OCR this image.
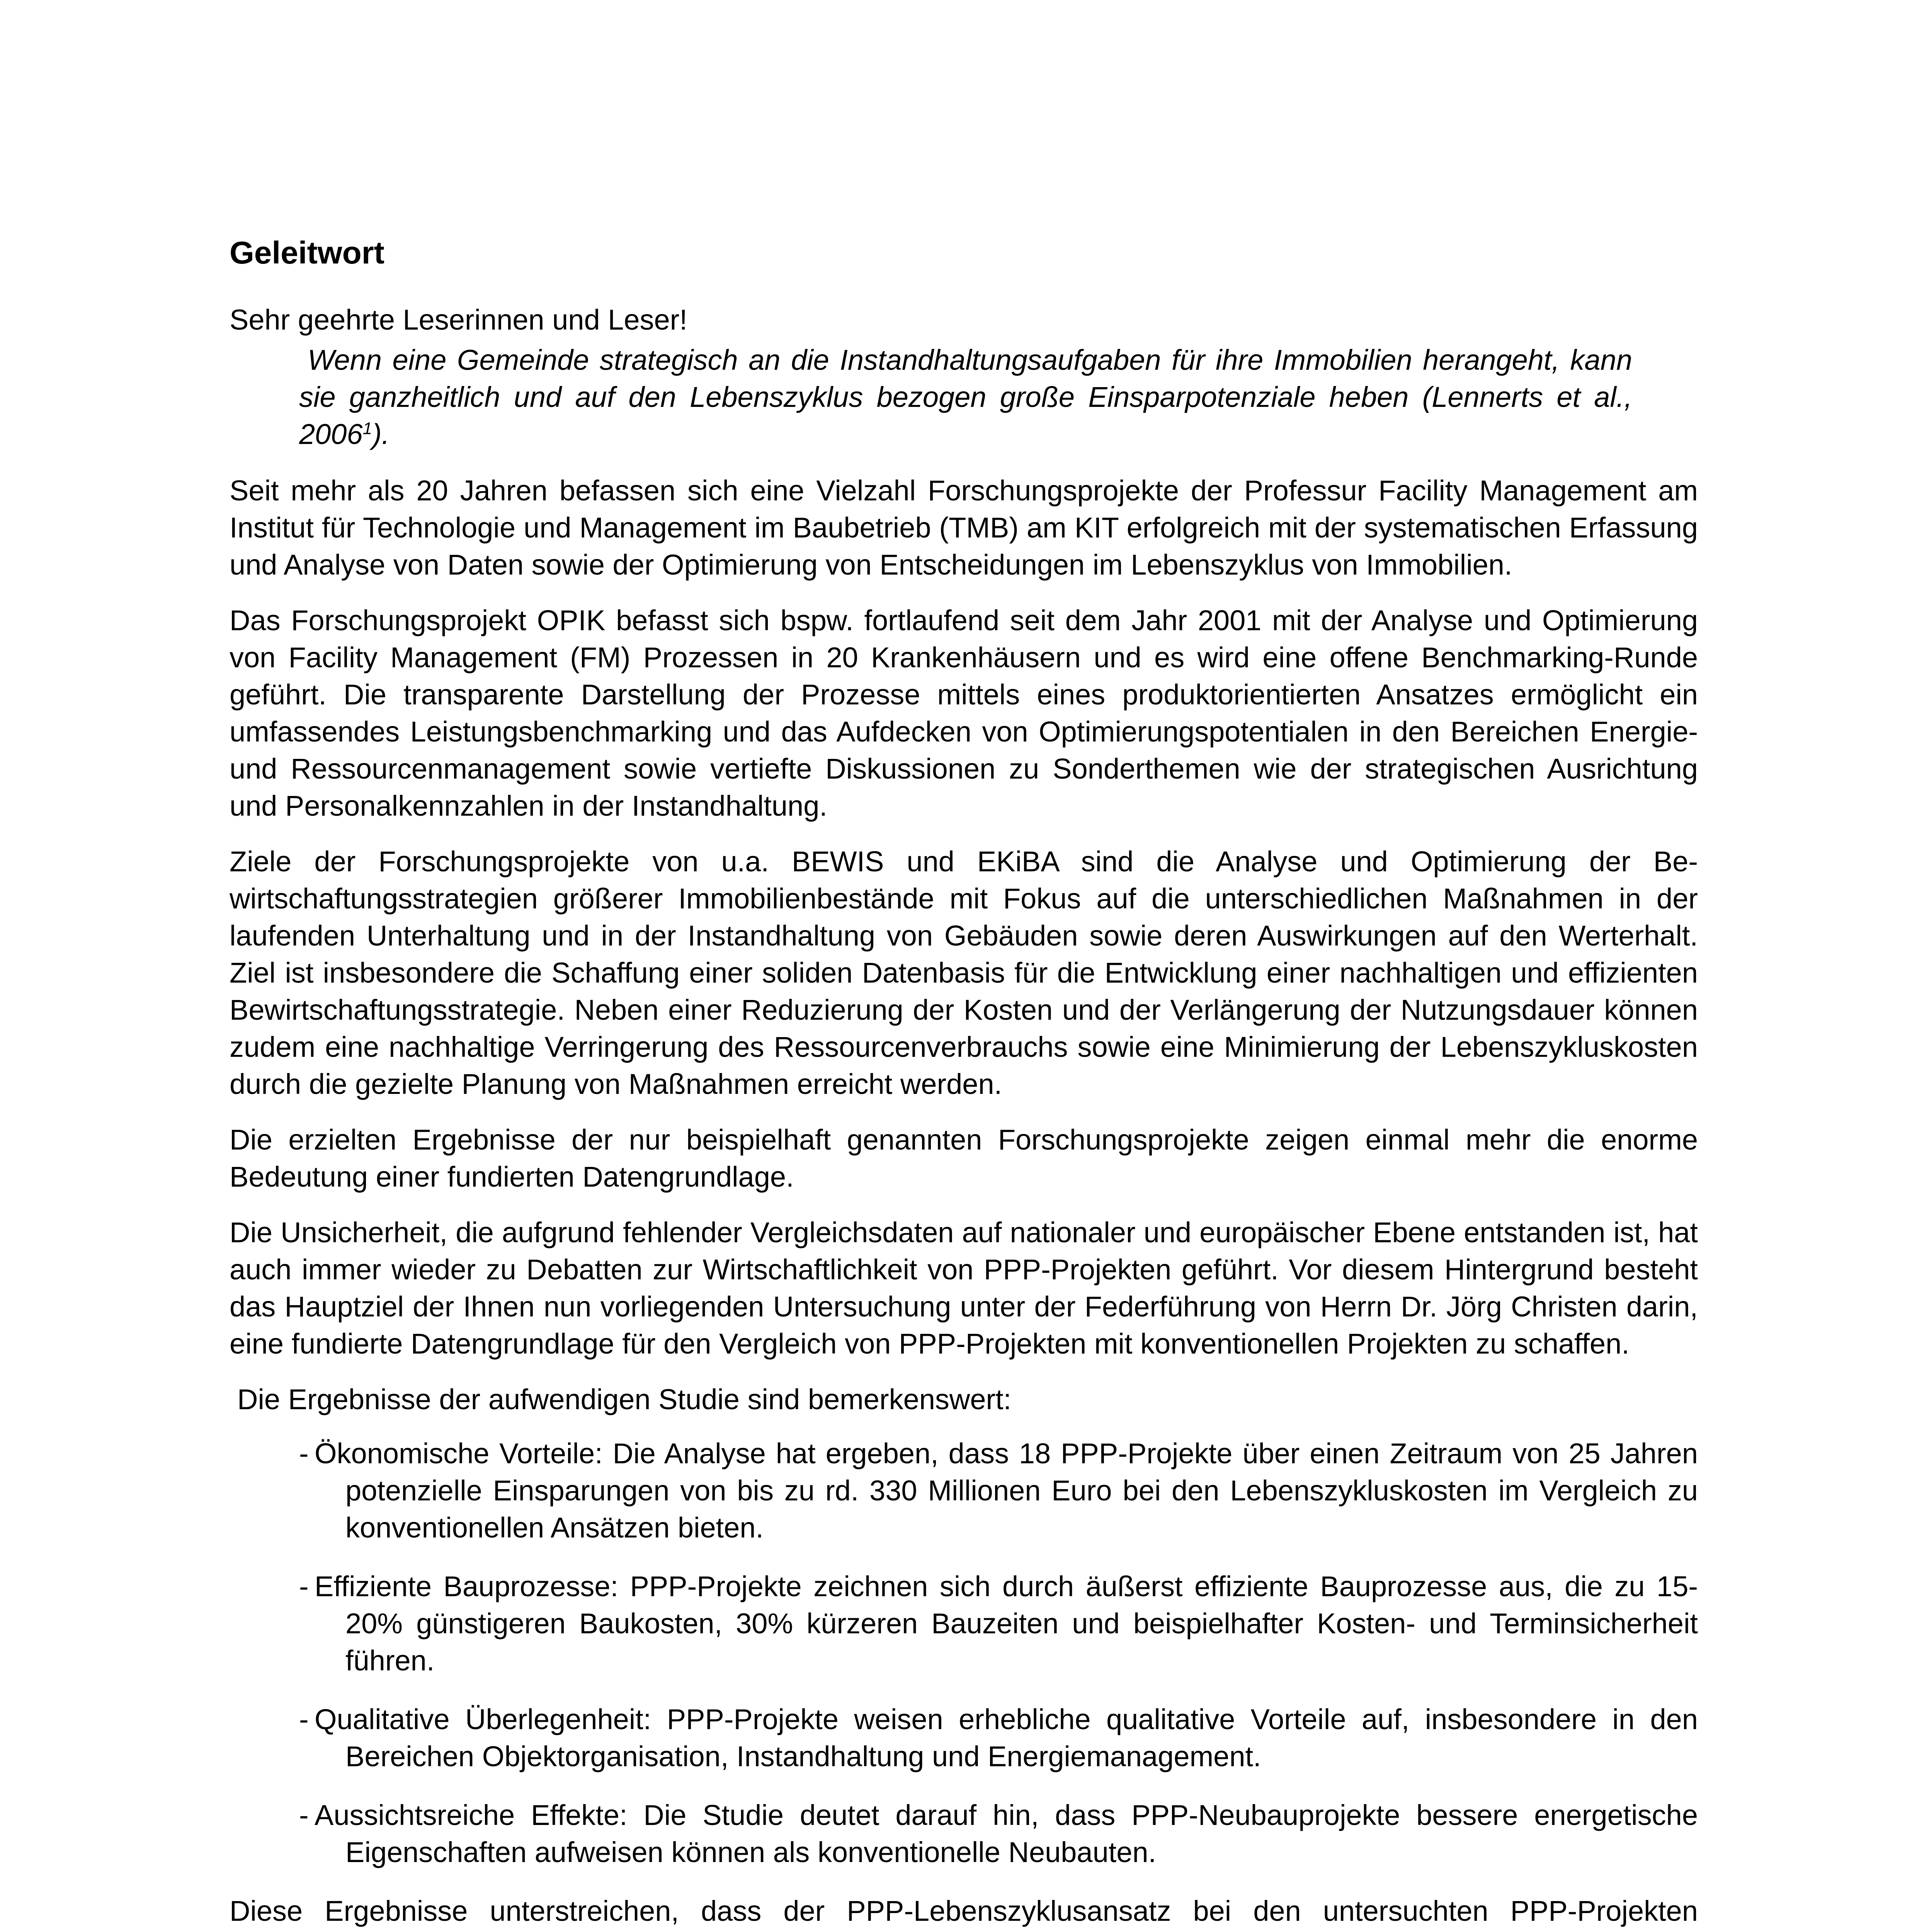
Geleitwort

Sehr geehrte Leserinnen und Leser!

Wenn eine Gemeinde strategisch an die Instandhaltungsaufgaben für ihre Immobilien herangeht, kann sie ganzheitlich und auf den Lebenszyklus bezogen große Einsparpotenziale heben (Lennerts et al., 2006$^1$).

Seit mehr als 20 Jahren befassen sich eine Vielzahl Forschungsprojekte der Professur Facility Management am Institut für Technologie und Management im Baubetrieb (TMB) am KIT erfolgreich mit der systematischen Erfassung und Analyse von Daten sowie der Optimierung von Entscheidungen im Lebenszyklus von Immobilien.

Das Forschungsprojekt OPIK befasst sich bspw. fortlaufend seit dem Jahr 2001 mit der Analyse und Optimierung von Facility Management (FM) Prozessen in 20 Krankenhäusern und es wird eine offene Benchmarking-Runde geführt. Die transparente Darstellung der Prozesse mittels eines produktorientierten Ansatzes ermöglicht ein umfassendes Leistungsbenchmarking und das Aufdecken von Optimierungspotentialen in den Bereichen Energie- und Ressourcenmanagement sowie vertiefte Diskussionen zu Sonderthemen wie der strategischen Ausrichtung und Personalkennzahlen in der Instandhaltung.

Ziele der Forschungsprojekte von u.a. BEWIS und EKiBA sind die Analyse und Optimierung der Bewirtschaftungsstrategien größerer Immobilienbestände mit Fokus auf die unterschiedlichen Maßnahmen in der laufenden Unterhaltung und in der Instandhaltung von Gebäuden sowie deren Auswirkungen auf den Werterhalt. Ziel ist insbesondere die Schaffung einer soliden Datenbasis für die Entwicklung einer nachhaltigen und effizienten Bewirtschaftungsstrategie. Neben einer Reduzierung der Kosten und der Verlängerung der Nutzungsdauer können zudem eine nachhaltige Verringerung des Ressourcenverbrauchs sowie eine Minimierung der Lebenszykluskosten durch die gezielte Planung von Maßnahmen erreicht werden.

Die erzielten Ergebnisse der nur beispielhaft genannten Forschungsprojekte zeigen einmal mehr die enorme Bedeutung einer fundierten Datengrundlage.

Die Unsicherheit, die aufgrund fehlender Vergleichsdaten auf nationaler und europäischer Ebene entstanden ist, hat auch immer wieder zu Debatten zur Wirtschaftlichkeit von PPP-Projekten geführt. Vor diesem Hintergrund besteht das Hauptziel der Ihnen nun vorliegenden Untersuchung unter der Federführung von Herrn Dr. Jörg Christen darin, eine fundierte Datengrundlage für den Vergleich von PPP-Projekten mit konventionellen Projekten zu schaffen.

Die Ergebnisse der aufwendigen Studie sind bemerkenswert:

- Ökonomische Vorteile: Die Analyse hat ergeben, dass 18 PPP-Projekte über einen Zeitraum von 25 Jahren potenzielle Einsparungen von bis zu rd. 330 Millionen Euro bei den Lebenszykluskosten im Vergleich zu konventionellen Ansätzen bieten.
- Effiziente Bauprozesse: PPP-Projekte zeichnen sich durch äußerst effiziente Bauprozesse aus, die zu 15-20% günstigeren Baukosten, 30% kürzeren Bauzeiten und beispielhafter Kosten- und Terminsicherheit führen.
- Qualitative Überlegenheit: PPP-Projekte weisen erhebliche qualitative Vorteile auf, insbesondere in den Bereichen Objektorganisation, Instandhaltung und Energiemanagement.
- Aussichtsreiche Effekte: Die Studie deutet darauf hin, dass PPP-Neubauprojekte bessere energetische Eigenschaften aufweisen können als konventionelle Neubauten.

Diese Ergebnisse unterstreichen, dass der PPP-Lebenszyklusansatz bei den untersuchten PPP-Projekten
